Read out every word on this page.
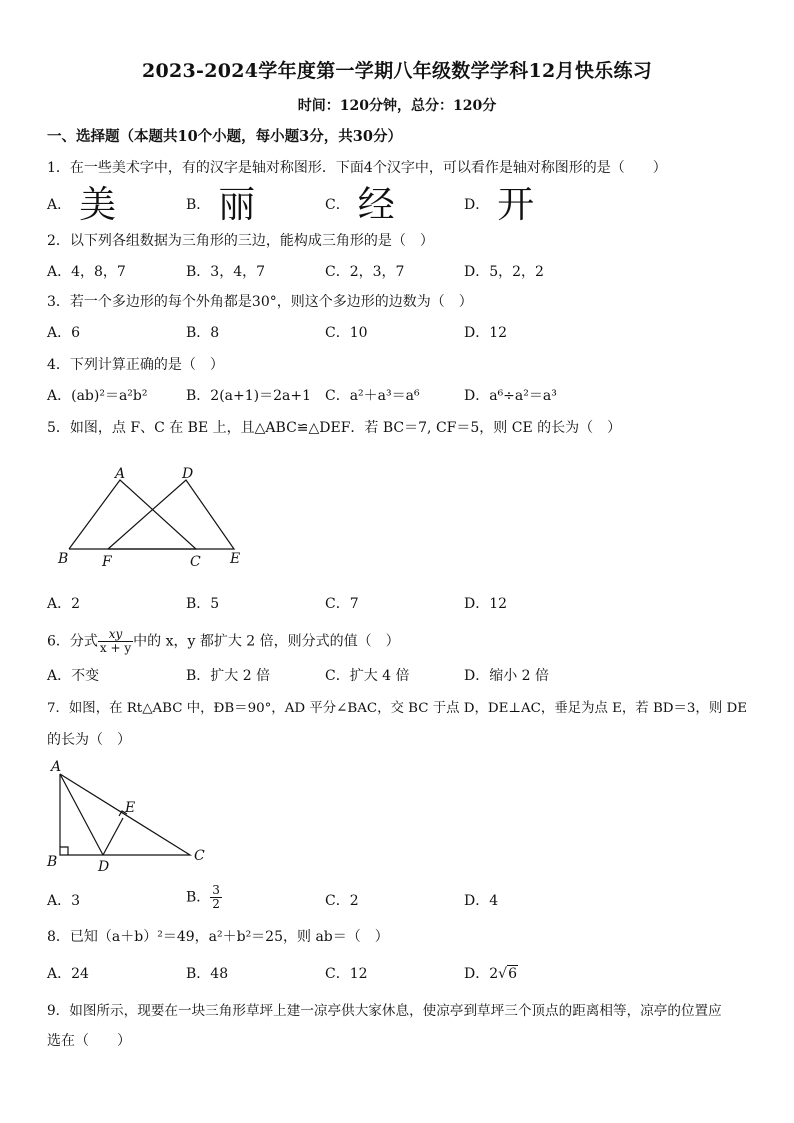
2023-2024学年度第一学期八年级数学学科12月快乐练习
时间：120分钟，总分：120分
一、选择题（本题共10个小题，每小题3分，共30分）
1．在一些美术字中，有的汉字是轴对称图形．下面4个汉字中，可以看作是轴对称图形的是（　　）
A． 美	B． 丽	C． 经	D． 开
2．以下列各组数据为三角形的三边，能构成三角形的是（　）
A．4，8，7	B．3，4，7	C．2，3，7	D．5，2，2
3．若一个多边形的每个外角都是30°，则这个多边形的边数为（　）
A．6	B．8	C．10	D．12
4．下列计算正确的是（　）
A．(ab)²＝a²b²	B．2(a+1)＝2a+1 C．a²＋a³＝a⁶	D．a⁶÷a²＝a³
5．如图，点 F、C 在 BE 上，且△ABC≌△DEF．若 BC＝7, CF＝5，则 CE 的长为（　）
A	D
B F	C E
A．2	B．5	C．7	D．12
6．分式 $\frac{xy}{x + y}$ 中的 x，y 都扩大 2 倍，则分式的值（　）
A．不变	B．扩大 2 倍	C．扩大 4 倍	D．缩小 2 倍
7．如图，在 Rt△ABC 中，ÐB＝90°，AD 平分∠BAC，交 BC 于点 D，DE⊥AC，垂足为点 E，若 BD＝3，则 DE
的长为（　）
A
E
B	D
C
A．3	B． $\frac{3}{2}$	C．2	D．4
8．已知（a＋b）²＝49，a²＋b²＝25，则 ab＝（　）
A．24	B．48	C．12	D．2√6
9．如图所示，现要在一块三角形草坪上建一凉亭供大家休息，使凉亭到草坪三个顶点的距离相等，凉亭的位置应
选在（　　）
